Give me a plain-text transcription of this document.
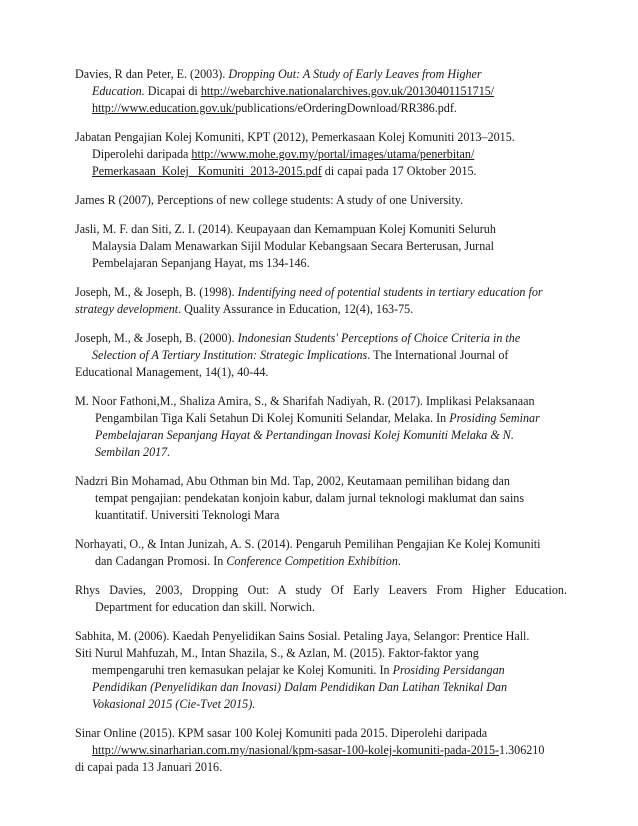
Davies, R dan Peter, E. (2003). Dropping Out: A Study of Early Leaves from Higher
Education. Dicapai di http://webarchive.nationalarchives.gov.uk/20130401151715/
http://www.education.gov.uk/publications/eOrderingDownload/RR386.pdf.

Jabatan Pengajian Kolej Komuniti, KPT (2012), Pemerkasaan Kolej Komuniti 2013–2015.
Diperolehi daripada http://www.mohe.gov.my/portal/images/utama/penerbitan/
Pemerkasaan_Kolej_ Komuniti_2013-2015.pdf di capai pada 17 Oktober 2015.

James R (2007), Perceptions of new college students: A study of one University.

Jasli, M. F. dan Siti, Z. I. (2014). Keupayaan dan Kemampuan Kolej Komuniti Seluruh
Malaysia Dalam Menawarkan Sijil Modular Kebangsaan Secara Berterusan, Jurnal
Pembelajaran Sepanjang Hayat, ms 134-146.

Joseph, M., & Joseph, B. (1998). Indentifying need of potential students in tertiary education for
strategy development. Quality Assurance in Education, 12(4), 163-75.

Joseph, M., & Joseph, B. (2000). Indonesian Students' Perceptions of Choice Criteria in the
Selection of A Tertiary Institution: Strategic Implications. The International Journal of
Educational Management, 14(1), 40-44.

M. Noor Fathoni,M., Shaliza Amira, S., & Sharifah Nadiyah, R. (2017). Implikasi Pelaksanaan
Pengambilan Tiga Kali Setahun Di Kolej Komuniti Selandar, Melaka. In Prosiding Seminar
Pembelajaran Sepanjang Hayat & Pertandingan Inovasi Kolej Komuniti Melaka & N.
Sembilan 2017.

Nadzri Bin Mohamad, Abu Othman bin Md. Tap, 2002, Keutamaan pemilihan bidang dan
tempat pengajian: pendekatan konjoin kabur, dalam jurnal teknologi maklumat dan sains
kuantitatif. Universiti Teknologi Mara

Norhayati, O., & Intan Junizah, A. S. (2014). Pengaruh Pemilihan Pengajian Ke Kolej Komuniti
dan Cadangan Promosi. In Conference Competition Exhibition.

Rhys Davies, 2003, Dropping Out: A study Of Early Leavers From Higher Education.
Department for education dan skill. Norwich.

Sabhita, M. (2006). Kaedah Penyelidikan Sains Sosial. Petaling Jaya, Selangor: Prentice Hall.

Siti Nurul Mahfuzah, M., Intan Shazila, S., & Azlan, M. (2015). Faktor-faktor yang
mempengaruhi tren kemasukan pelajar ke Kolej Komuniti. In Prosiding Persidangan
Pendidikan (Penyelidikan dan Inovasi) Dalam Pendidikan Dan Latihan Teknikal Dan
Vokasional 2015 (Cie-Tvet 2015).

Sinar Online (2015). KPM sasar 100 Kolej Komuniti pada 2015. Diperolehi daripada
http://www.sinarharian.com.my/nasional/kpm-sasar-100-kolej-komuniti-pada-2015-1.306210
di capai pada 13 Januari 2016.
